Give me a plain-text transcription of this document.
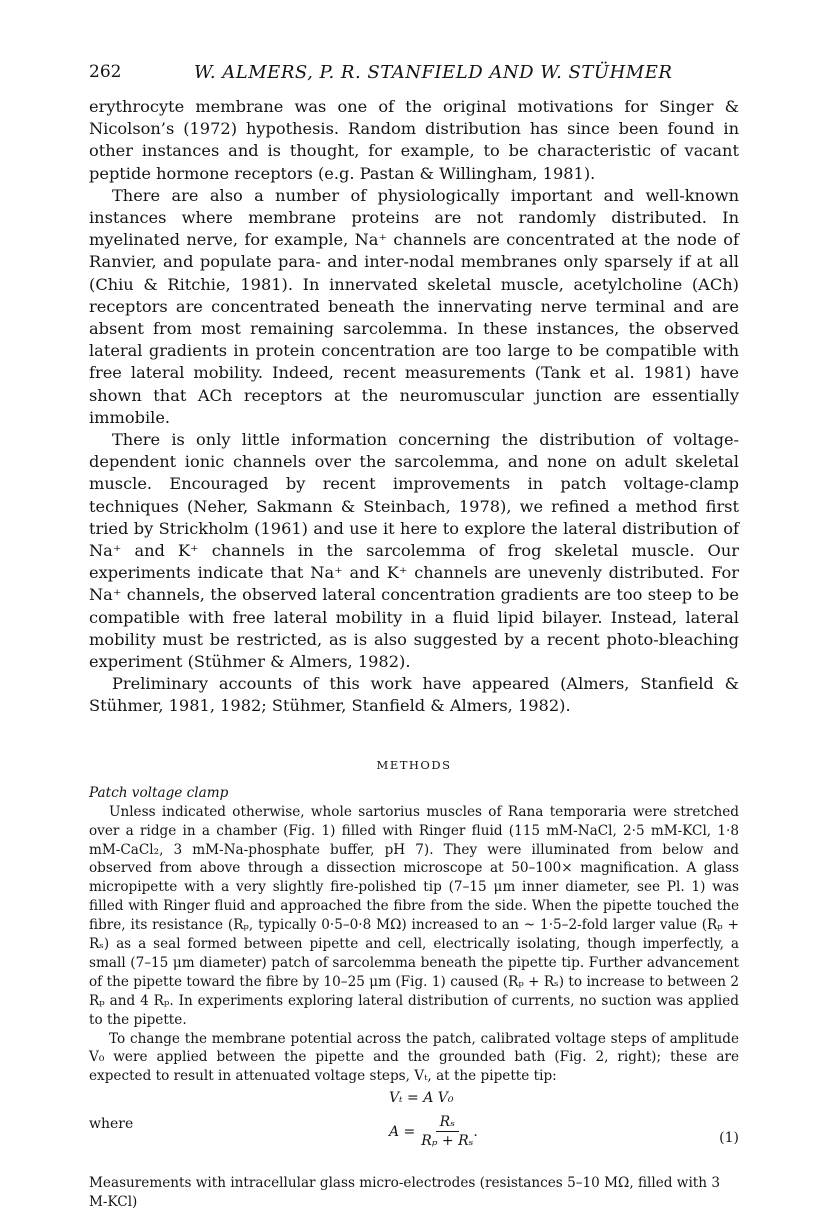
262	W. ALMERS, P. R. STANFIELD AND W. STÜHMER

erythrocyte membrane was one of the original motivations for Singer & Nicolson’s (1972) hypothesis. Random distribution has since been found in other instances and is thought, for example, to be characteristic of vacant peptide hormone receptors (e.g. Pastan & Willingham, 1981).

There are also a number of physiologically important and well-known instances where membrane proteins are not randomly distributed. In myelinated nerve, for example, Na⁺ channels are concentrated at the node of Ranvier, and populate para- and inter-nodal membranes only sparsely if at all (Chiu & Ritchie, 1981). In innervated skeletal muscle, acetylcholine (ACh) receptors are concentrated beneath the innervating nerve terminal and are absent from most remaining sarcolemma. In these instances, the observed lateral gradients in protein concentration are too large to be compatible with free lateral mobility. Indeed, recent measurements (Tank et al. 1981) have shown that ACh receptors at the neuromuscular junction are essentially immobile.

There is only little information concerning the distribution of voltage-dependent ionic channels over the sarcolemma, and none on adult skeletal muscle. Encouraged by recent improvements in patch voltage-clamp techniques (Neher, Sakmann & Steinbach, 1978), we refined a method first tried by Strickholm (1961) and use it here to explore the lateral distribution of Na⁺ and K⁺ channels in the sarcolemma of frog skeletal muscle. Our experiments indicate that Na⁺ and K⁺ channels are unevenly distributed. For Na⁺ channels, the observed lateral concentration gradients are too steep to be compatible with free lateral mobility in a fluid lipid bilayer. Instead, lateral mobility must be restricted, as is also suggested by a recent photo-bleaching experiment (Stühmer & Almers, 1982).

Preliminary accounts of this work have appeared (Almers, Stanfield & Stühmer, 1981, 1982; Stühmer, Stanfield & Almers, 1982).

METHODS
Patch voltage clamp

Unless indicated otherwise, whole sartorius muscles of Rana temporaria were stretched over a ridge in a chamber (Fig. 1) filled with Ringer fluid (115 mM-NaCl, 2·5 mM-KCl, 1·8 mM-CaCl₂, 3 mM-Na-phosphate buffer, pH 7). They were illuminated from below and observed from above through a dissection microscope at 50–100× magnification. A glass micropipette with a very slightly fire-polished tip (7–15 μm inner diameter, see Pl. 1) was filled with Ringer fluid and approached the fibre from the side. When the pipette touched the fibre, its resistance (Rₚ, typically 0·5–0·8 MΩ) increased to an ~ 1·5–2-fold larger value (Rₚ + Rₛ) as a seal formed between pipette and cell, electrically isolating, though imperfectly, a small (7–15 μm diameter) patch of sarcolemma beneath the pipette tip. Further advancement of the pipette toward the fibre by 10–25 μm (Fig. 1) caused (Rₚ + Rₛ) to increase to between 2 Rₚ and 4 Rₚ. In experiments exploring lateral distribution of currents, no suction was applied to the pipette.

To change the membrane potential across the patch, calibrated voltage steps of amplitude V₀ were applied between the pipette and the grounded bath (Fig. 2, right); these are expected to result in attenuated voltage steps, Vₜ, at the pipette tip:

Vₜ = A V₀
where	$A = \frac{\text{Rₛ}}{\text{Rₚ + Rₛ}}$ .	(1)
Measurements with intracellular glass micro-electrodes (resistances 5–10 MΩ, filled with 3 M-KCl)
